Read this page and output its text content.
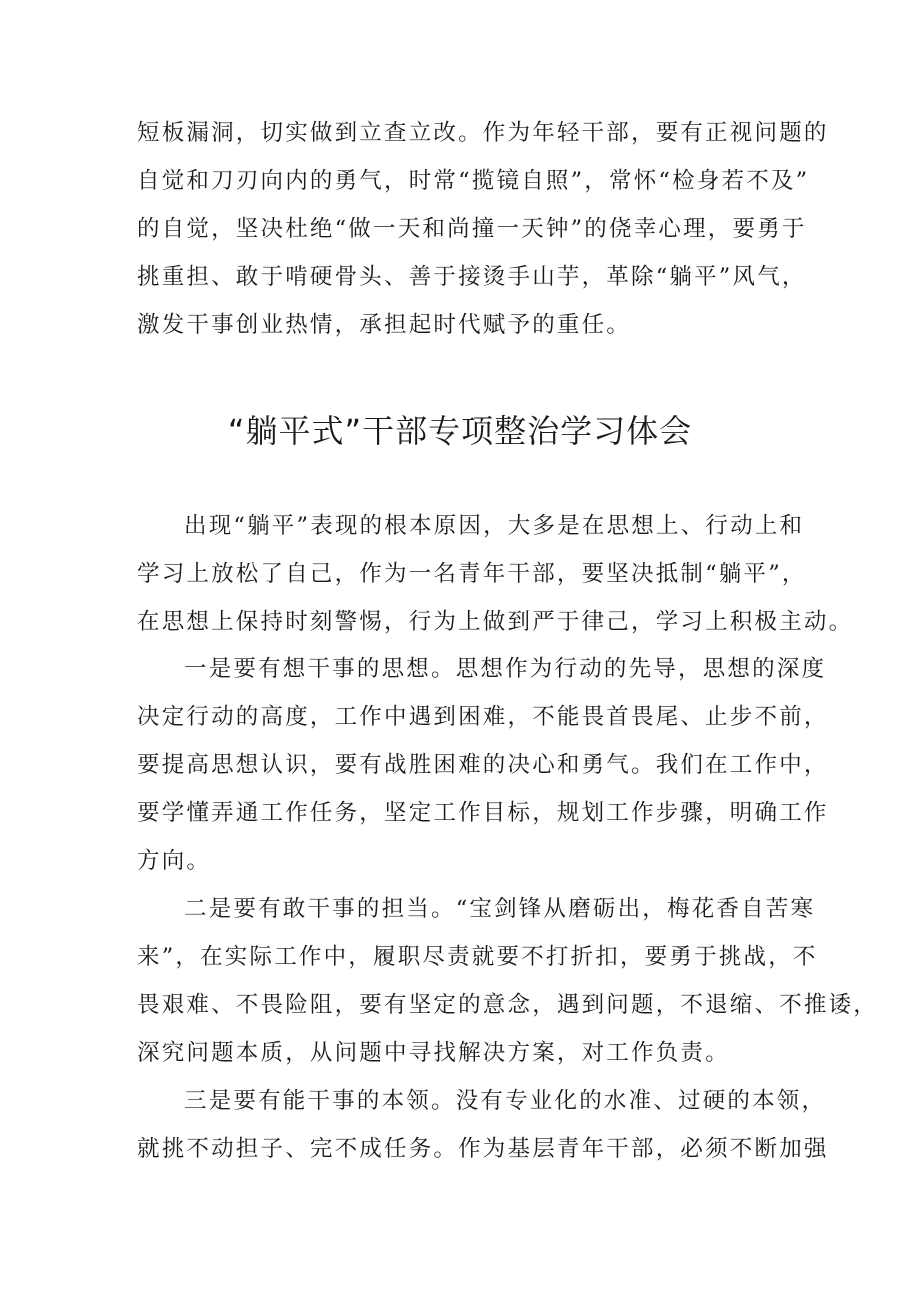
短板漏洞，切实做到立查立改。作为年轻干部，要有正视问题的
自觉和刀刃向内的勇气，时常“揽镜自照”，常怀“检身若不及”
的自觉，坚决杜绝“做一天和尚撞一天钟”的侥幸心理，要勇于
挑重担、敢于啃硬骨头、善于接烫手山芋，革除“躺平”风气，
激发干事创业热情，承担起时代赋予的重任。
“躺平式”干部专项整治学习体会
出现“躺平”表现的根本原因，大多是在思想上、行动上和
学习上放松了自己，作为一名青年干部，要坚决抵制“躺平”，
在思想上保持时刻警惕，行为上做到严于律己，学习上积极主动。
一是要有想干事的思想。思想作为行动的先导，思想的深度
决定行动的高度，工作中遇到困难，不能畏首畏尾、止步不前，
要提高思想认识，要有战胜困难的决心和勇气。我们在工作中，
要学懂弄通工作任务，坚定工作目标，规划工作步骤，明确工作
方向。
二是要有敢干事的担当。“宝剑锋从磨砺出，梅花香自苦寒
来”，在实际工作中，履职尽责就要不打折扣，要勇于挑战，不
畏艰难、不畏险阻，要有坚定的意念，遇到问题，不退缩、不推诿，
深究问题本质，从问题中寻找解决方案，对工作负责。
三是要有能干事的本领。没有专业化的水准、过硬的本领，
就挑不动担子、完不成任务。作为基层青年干部，必须不断加强
